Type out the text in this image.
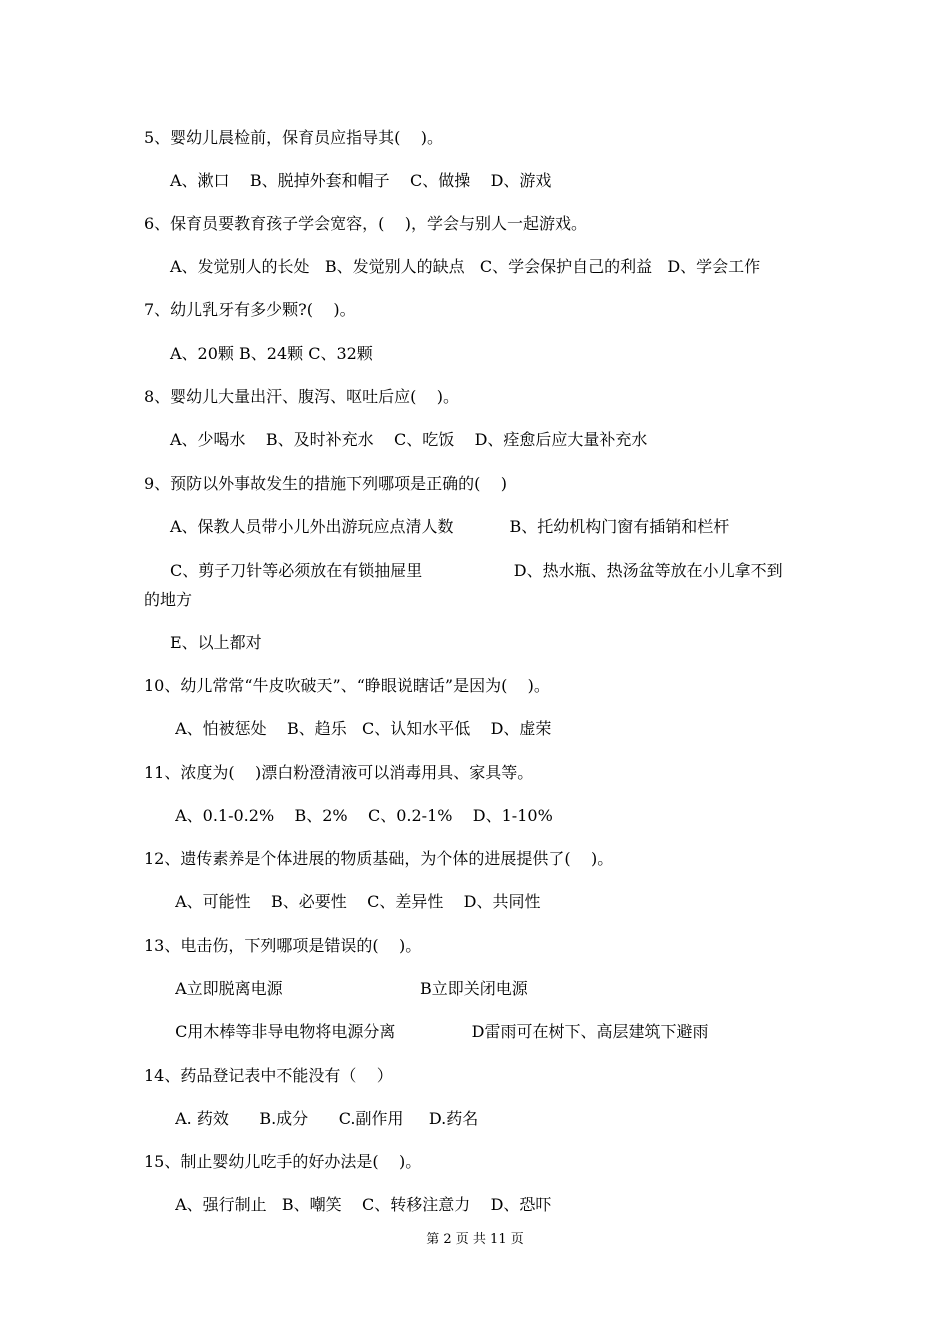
5、婴幼儿晨检前，保育员应指导其(    )。
A、漱口    B、脱掉外套和帽子    C、做操    D、游戏
6、保育员要教育孩子学会宽容，(    )，学会与别人一起游戏。
A、发觉别人的长处   B、发觉别人的缺点   C、学会保护自己的利益   D、学会工作
7、幼儿乳牙有多少颗?(    )。
A、20颗 B、24颗 C、32颗
8、婴幼儿大量出汗、腹泻、呕吐后应(    )。
A、少喝水    B、及时补充水    C、吃饭    D、痊愈后应大量补充水
9、预防以外事故发生的措施下列哪项是正确的(    )
A、保教人员带小儿外出游玩应点清人数           B、托幼机构门窗有插销和栏杆
C、剪子刀针等必须放在有锁抽屉里                  D、热水瓶、热汤盆等放在小儿拿不到
的地方
E、以上都对
10、幼儿常常“牛皮吹破天”、“睁眼说瞎话”是因为(    )。
A、怕被惩处    B、趋乐   C、认知水平低    D、虚荣
11、浓度为(    )漂白粉澄清液可以消毒用具、家具等。
A、0.1-0.2%    B、2%    C、0.2-1%    D、1-10%
12、遗传素养是个体进展的物质基础，为个体的进展提供了(    )。
A、可能性    B、必要性    C、差异性    D、共同性
13、电击伤，下列哪项是错误的(    )。
A立即脱离电源                           B立即关闭电源
C用木棒等非导电物将电源分离               D雷雨可在树下、高层建筑下避雨
14、药品登记表中不能没有（    ）
A. 药效      B.成分      C.副作用     D.药名
15、制止婴幼儿吃手的好办法是(    )。
A、强行制止   B、嘲笑    C、转移注意力    D、恐吓
第 2 页 共 11 页
